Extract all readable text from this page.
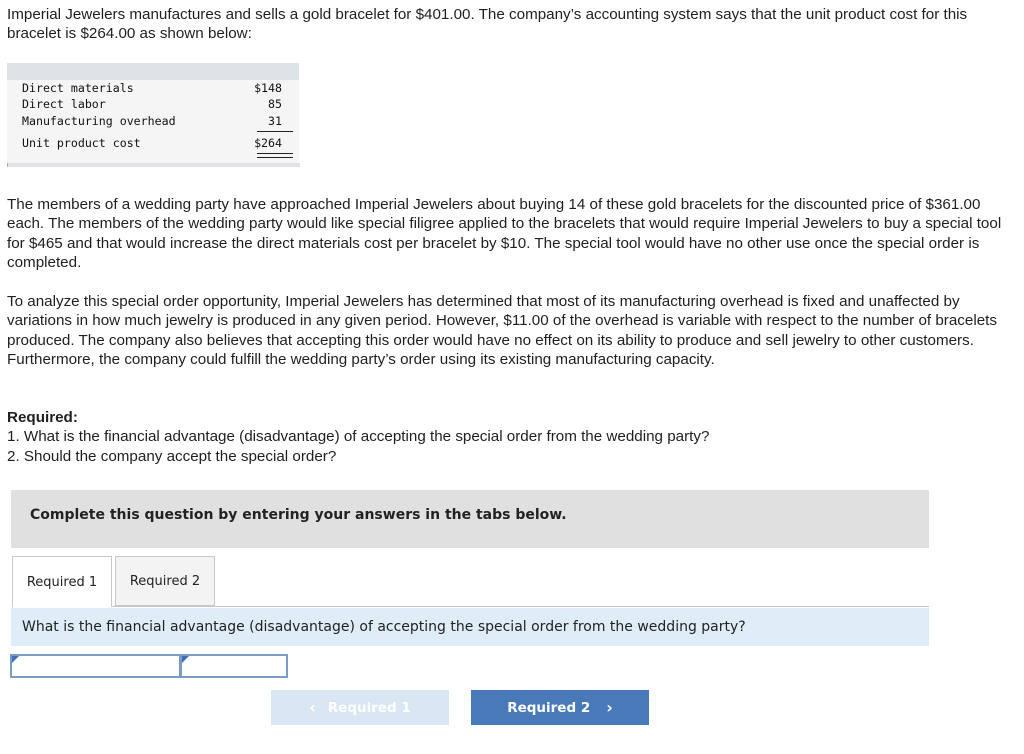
Imperial Jewelers manufactures and sells a gold bracelet for $401.00. The company’s accounting system says that the unit product cost for this bracelet is $264.00 as shown below:

Direct materials	$148
Direct labor	85
Manufacturing overhead	31
Unit product cost	$264

The members of a wedding party have approached Imperial Jewelers about buying 14 of these gold bracelets for the discounted price of $361.00 each. The members of the wedding party would like special filigree applied to the bracelets that would require Imperial Jewelers to buy a special tool for $465 and that would increase the direct materials cost per bracelet by $10. The special tool would have no other use once the special order is completed.

To analyze this special order opportunity, Imperial Jewelers has determined that most of its manufacturing overhead is fixed and unaffected by variations in how much jewelry is produced in any given period. However, $11.00 of the overhead is variable with respect to the number of bracelets produced. The company also believes that accepting this order would have no effect on its ability to produce and sell jewelry to other customers. Furthermore, the company could fulfill the wedding party’s order using its existing manufacturing capacity.

Required:
1. What is the financial advantage (disadvantage) of accepting the special order from the wedding party?
2. Should the company accept the special order?
Complete this question by entering your answers in the tabs below.
Required 1	Required 2
What is the financial advantage (disadvantage) of accepting the special order from the wedding party?
‹ Required 1	Required 2 ›
